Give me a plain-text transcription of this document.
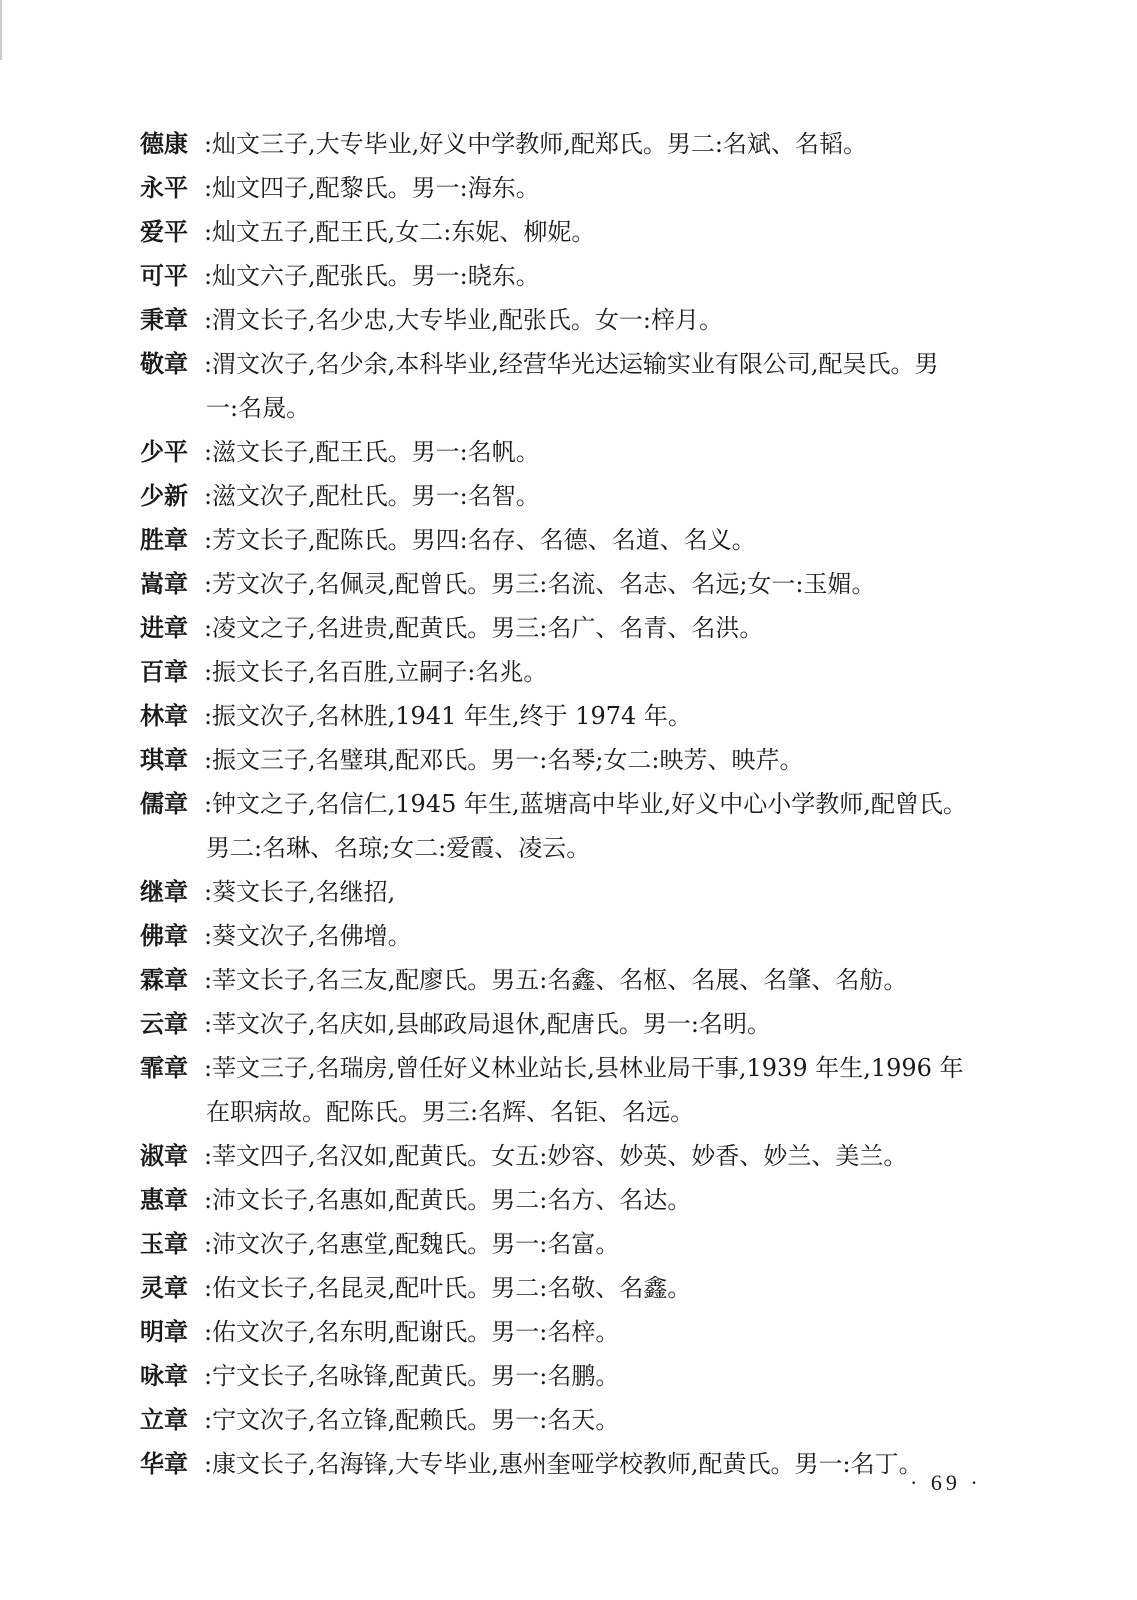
德康 :灿文三子,大专毕业,好义中学教师,配郑氏。男二:名斌、名韬。
永平 :灿文四子,配黎氏。男一:海东。
爱平 :灿文五子,配王氏,女二:东妮、柳妮。
可平 :灿文六子,配张氏。男一:晓东。
秉章 :渭文长子,名少忠,大专毕业,配张氏。女一:梓月。
敬章 :渭文次子,名少余,本科毕业,经营华光达运输实业有限公司,配吴氏。男
一:名晟。
少平 :滋文长子,配王氏。男一:名帆。
少新 :滋文次子,配杜氏。男一:名智。
胜章 :芳文长子,配陈氏。男四:名存、名德、名道、名义。
嵩章 :芳文次子,名佩灵,配曾氏。男三:名流、名志、名远;女一:玉媚。
进章 :凌文之子,名进贵,配黄氏。男三:名广、名青、名洪。
百章 :振文长子,名百胜,立嗣子:名兆。
林章 :振文次子,名林胜,1941 年生,终于 1974 年。
琪章 :振文三子,名璧琪,配邓氏。男一:名琴;女二:映芳、映芹。
儒章 :钟文之子,名信仁,1945 年生,蓝塘高中毕业,好义中心小学教师,配曾氏。
男二:名琳、名琼;女二:爱霞、凌云。
继章 :葵文长子,名继招,
佛章 :葵文次子,名佛增。
霖章 :莘文长子,名三友,配廖氏。男五:名鑫、名枢、名展、名肇、名舫。
云章 :莘文次子,名庆如,县邮政局退休,配唐氏。男一:名明。
霏章 :莘文三子,名瑞房,曾任好义林业站长,县林业局干事,1939 年生,1996 年
在职病故。配陈氏。男三:名辉、名钜、名远。
淑章 :莘文四子,名汉如,配黄氏。女五:妙容、妙英、妙香、妙兰、美兰。
惠章 :沛文长子,名惠如,配黄氏。男二:名方、名达。
玉章 :沛文次子,名惠堂,配魏氏。男一:名富。
灵章 :佑文长子,名昆灵,配叶氏。男二:名敬、名鑫。
明章 :佑文次子,名东明,配谢氏。男一:名梓。
咏章 :宁文长子,名咏锋,配黄氏。男一:名鹏。
立章 :宁文次子,名立锋,配赖氏。男一:名天。
华章 :康文长子,名海锋,大专毕业,惠州奎哑学校教师,配黄氏。男一:名丁。
· 69 ·
